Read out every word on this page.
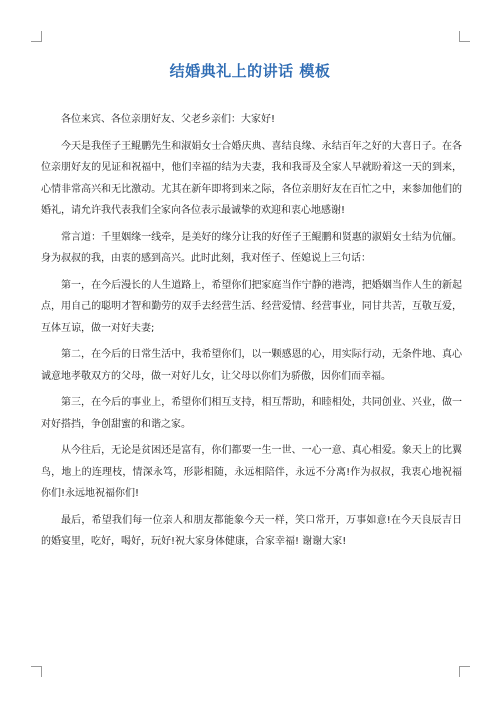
结婚典礼上的讲话 模板

各位来宾、各位亲朋好友、父老乡亲们：大家好!

今天是我侄子王鲲鹏先生和淑娟女士合婚庆典、喜结良缘、永结百年之好的大喜日子。在各位亲朋好友的见证和祝福中，他们幸福的结为夫妻，我和我哥及全家人早就盼着这一天的到来，心情非常高兴和无比激动。尤其在新年即将到来之际，各位亲朋好友在百忙之中，来参加他们的婚礼，请允许我代表我们全家向各位表示最诚挚的欢迎和衷心地感谢!

常言道：千里姻缘一线牵，是美好的缘分让我的好侄子王鲲鹏和贤惠的淑娟女士结为伉俪。身为叔叔的我，由衷的感到高兴。此时此刻，我对侄子、侄媳说上三句话：

第一，在今后漫长的人生道路上，希望你们把家庭当作宁静的港湾，把婚姻当作人生的新起点，用自己的聪明才智和勤劳的双手去经营生活、经营爱情、经营事业，同甘共苦，互敬互爱，互体互谅，做一对好夫妻;

第二，在今后的日常生活中，我希望你们，以一颗感恩的心，用实际行动，无条件地、真心诚意地孝敬双方的父母，做一对好儿女，让父母以你们为骄傲，因你们而幸福。

第三，在今后的事业上，希望你们相互支持，相互帮助，和睦相处，共同创业、兴业，做一对好搭挡，争创甜蜜的和谐之家。

从今往后，无论是贫困还是富有，你们都要一生一世、一心一意、真心相爱。象天上的比翼鸟，地上的连理枝，情深永笃，形影相随，永远相陪伴，永远不分离!作为叔叔，我衷心地祝福你们!永远地祝福你们!

最后，希望我们每一位亲人和朋友都能象今天一样，笑口常开，万事如意!在今天良辰吉日的婚宴里，吃好，喝好，玩好!祝大家身体健康，合家幸福! 谢谢大家!
